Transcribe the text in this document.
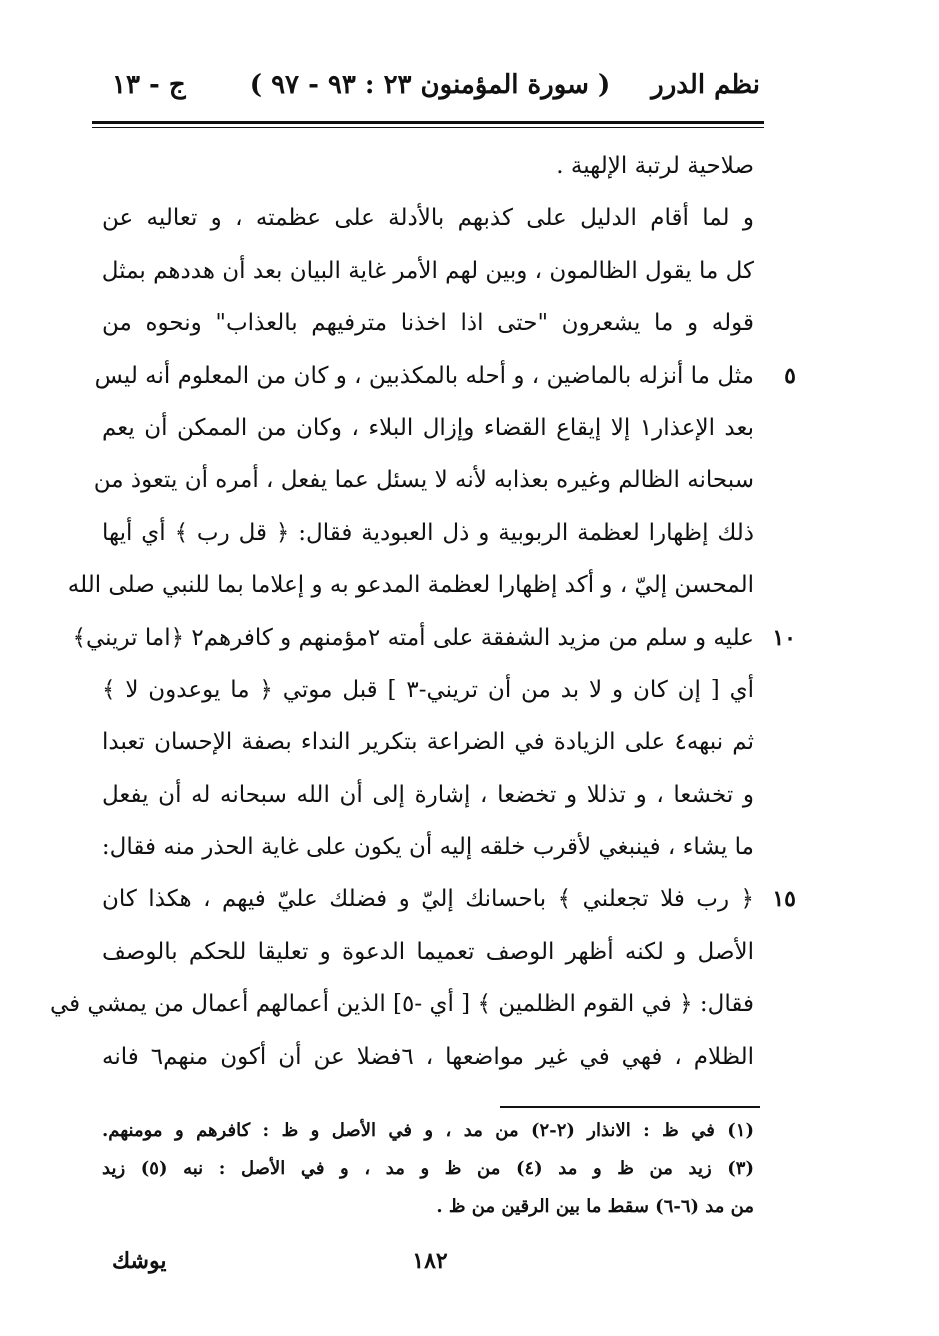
نظم الدرر
( سورة المؤمنون ٢٣ : ٩٣ - ٩٧ )
ج - ١٣
صلاحية لرتبة الإلهية .
و لما أقام الدليل على كذبهم بالأدلة على عظمته ، و تعاليه عن
كل ما يقول الظالمون ، وبين لهم الأمر غاية البيان بعد أن هددهم بمثل
قوله و ما يشعرون "حتى اذا اخذنا مترفيهم بالعذاب" ونحوه من
مثل ما أنزله بالماضين ، و أحله بالمكذبين ، و كان من المعلوم أنه ليس ٥
بعد الإعذار١ إلا إيقاع القضاء وإزال البلاء ، وكان من الممكن أن يعم
سبحانه الظالم وغيره بعذابه لأنه لا يسئل عما يفعل ، أمره أن يتعوذ من
ذلك إظهارا لعظمة الربوبية و ذل العبودية فقال: ﴿ قل رب ﴾ أي أيها
المحسن إليّ ، و أكد إظهارا لعظمة المدعو به و إعلاما بما للنبي صلى الله
عليه و سلم من مزيد الشفقة على أمته ٢مؤمنهم و كافرهم٢ ﴿اما تريني﴾ ١٠
أي [ إن كان و لا بد من أن تريني-٣ ] قبل موتي ﴿ ما يوعدون لا ﴾
ثم نبهه٤ على الزيادة في الضراعة بتكرير النداء بصفة الإحسان تعبدا
و تخشعا ، و تذللا و تخضعا ، إشارة إلى أن الله سبحانه له أن يفعل
ما يشاء ، فينبغي لأقرب خلقه إليه أن يكون على غاية الحذر منه فقال:
﴿ رب فلا تجعلني ﴾ باحسانك إليّ و فضلك عليّ فيهم ، هكذا كان ١٥
الأصل و لكنه أظهر الوصف تعميما الدعوة و تعليقا للحكم بالوصف
فقال: ﴿ في القوم الظلمين ﴾ [ أي -٥] الذين أعمالهم أعمال من يمشي في
الظلام ، فهي في غير مواضعها ، ٦فضلا عن أن أكون منهم٦ فانه
(١) في ظ : الانذار (٢-٢) من مد ، و في الأصل و ظ : كافرهم و مومنهم.
(٣) زيد من ظ و مد (٤) من ظ و مد ، و في الأصل : نبه (٥) زيد
من مد (٦-٦) سقط ما بين الرقين من ظ .
١٨٢
يوشك
